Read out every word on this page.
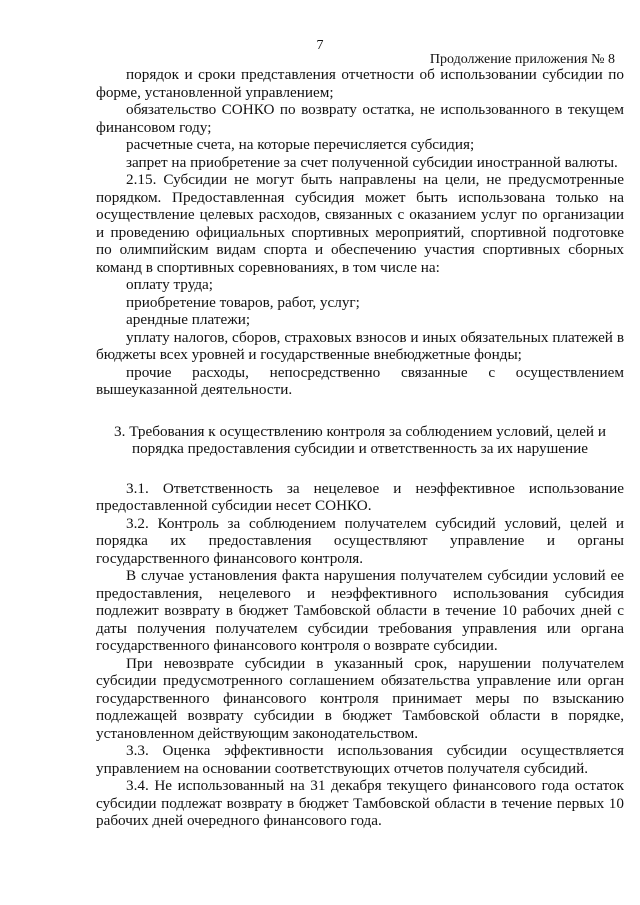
7
Продолжение приложения № 8

порядок и сроки представления отчетности об использовании субсидии по форме, установленной управлением;

обязательство СОНКО по возврату остатка, не использованного в текущем финансовом году;

расчетные счета, на которые перечисляется субсидия;

запрет на приобретение за счет полученной субсидии иностранной валюты.

2.15. Субсидии не могут быть направлены на цели, не предусмотренные порядком. Предоставленная субсидия может быть использована только на осуществление целевых расходов, связанных с оказанием услуг по организации и проведению официальных спортивных мероприятий, спортивной подготовке по олимпийским видам спорта и обеспечению участия спортивных сборных команд в спортивных соревнованиях, в том числе на:

оплату труда;

приобретение товаров, работ, услуг;

арендные платежи;

уплату налогов, сборов, страховых взносов и иных обязательных платежей в бюджеты всех уровней и государственные внебюджетные фонды;

прочие расходы, непосредственно связанные с осуществлением вышеуказанной деятельности.

3. Требования к осуществлению контроля за соблюдением условий, целей и порядка предоставления субсидии и ответственность за их нарушение

3.1. Ответственность за нецелевое и неэффективное использование предоставленной субсидии несет СОНКО.

3.2. Контроль за соблюдением получателем субсидий условий, целей и порядка их предоставления осуществляют управление и органы государственного финансового контроля.

В случае установления факта нарушения получателем субсидии условий ее предоставления, нецелевого и неэффективного использования субсидия подлежит возврату в бюджет Тамбовской области в течение 10 рабочих дней с даты получения получателем субсидии требования управления или органа государственного финансового контроля о возврате субсидии.

При невозврате субсидии в указанный срок, нарушении получателем субсидии предусмотренного соглашением обязательства управление или орган государственного финансового контроля принимает меры по взысканию подлежащей возврату субсидии в бюджет Тамбовской области в порядке, установленном действующим законодательством.

3.3. Оценка эффективности использования субсидии осуществляется управлением на основании соответствующих отчетов получателя субсидий.

3.4. Не использованный на 31 декабря текущего финансового года остаток субсидии подлежат возврату в бюджет Тамбовской области в течение первых 10 рабочих дней очередного финансового года.
